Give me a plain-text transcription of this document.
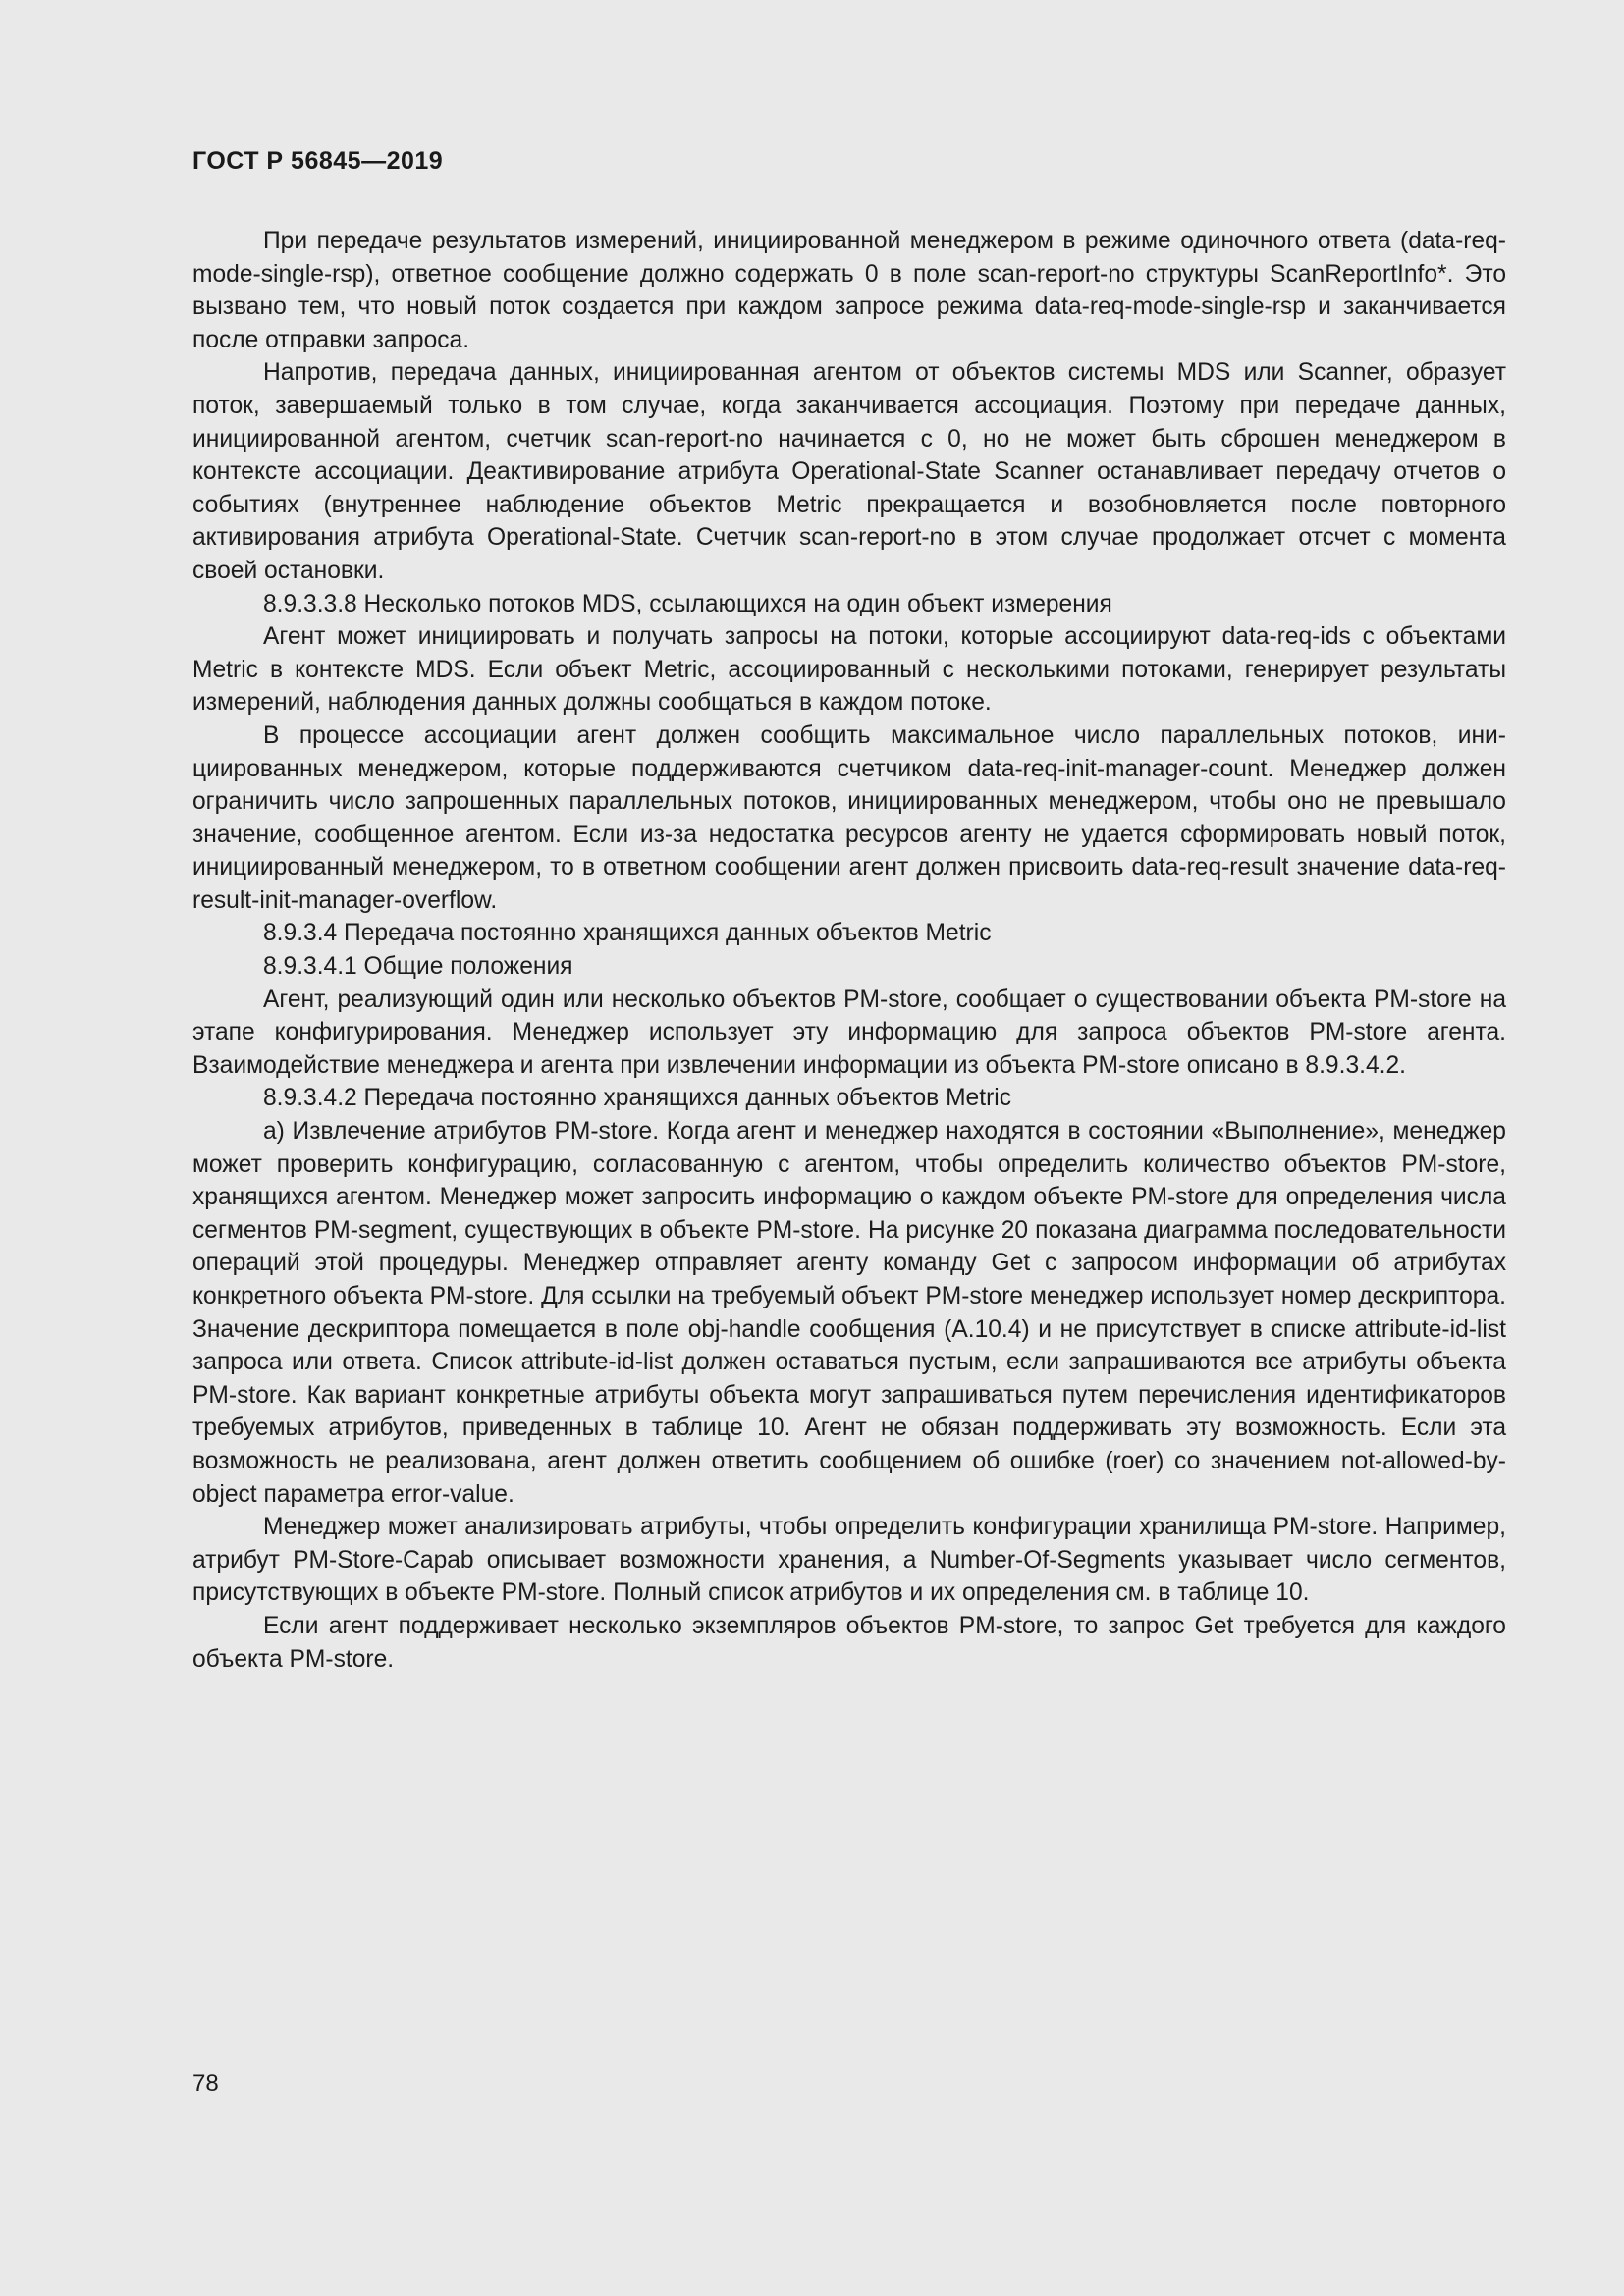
ГОСТ Р 56845—2019

При передаче результатов измерений, инициированной менеджером в режиме одиночного ответа (data-req-mode-single-rsp), ответное сообщение должно содержать 0 в поле scan-report-no структуры ScanReportInfo*. Это вызвано тем, что новый поток создается при каждом запросе режима data-req-mode-single-rsp и заканчивается после отправки запроса.

Напротив, передача данных, инициированная агентом от объектов системы MDS или Scanner, образует поток, завершаемый только в том случае, когда заканчивается ассоциация. Поэтому при передаче данных, инициированной агентом, счетчик scan-report-no начинается с 0, но не может быть сброшен менеджером в контексте ассоциации. Деактивирование атрибута Operational-State Scanner останавливает передачу отчетов о событиях (внутреннее наблюдение объектов Metric прекращается и возобновляется после повторного активирования атрибута Operational-State. Счетчик scan-report-no в этом случае продолжает отсчет с момента своей остановки.

8.9.3.3.8 Несколько потоков MDS, ссылающихся на один объект измерения

Агент может инициировать и получать запросы на потоки, которые ассоциируют data-req-ids с объектами Metric в контексте MDS. Если объект Metric, ассоциированный с несколькими потоками, генерирует результаты измерений, наблюдения данных должны сообщаться в каждом потоке.

В процессе ассоциации агент должен сообщить максимальное число параллельных потоков, инициированных менеджером, которые поддерживаются счетчиком data-req-init-manager-count. Менеджер должен ограничить число запрошенных параллельных потоков, инициированных менеджером, чтобы оно не превышало значение, сообщенное агентом. Если из-за недостатка ресурсов агенту не удается сформировать новый поток, инициированный менеджером, то в ответном сообщении агент должен присвоить data-req-result значение data-req-result-init-manager-overflow.

8.9.3.4 Передача постоянно хранящихся данных объектов Metric

8.9.3.4.1 Общие положения

Агент, реализующий один или несколько объектов PM-store, сообщает о существовании объекта PM-store на этапе конфигурирования. Менеджер использует эту информацию для запроса объектов PM-store агента. Взаимодействие менеджера и агента при извлечении информации из объекта PM-store описано в 8.9.3.4.2.

8.9.3.4.2 Передача постоянно хранящихся данных объектов Metric

a) Извлечение атрибутов PM-store. Когда агент и менеджер находятся в состоянии «Выполнение», менеджер может проверить конфигурацию, согласованную с агентом, чтобы определить количество объектов PM-store, хранящихся агентом. Менеджер может запросить информацию о каждом объекте PM-store для определения числа сегментов PM-segment, существующих в объекте PM-store. На рисунке 20 показана диаграмма последовательности операций этой процедуры. Менеджер отправляет агенту команду Get с запросом информации об атрибутах конкретного объекта PM-store. Для ссылки на требуемый объект PM-store менеджер использует номер дескриптора. Значение дескриптора помещается в поле obj-handle сообщения (A.10.4) и не присутствует в списке attribute-id-list запроса или ответа. Список attribute-id-list должен оставаться пустым, если запрашиваются все атрибуты объекта PM-store. Как вариант конкретные атрибуты объекта могут запрашиваться путем перечисления идентификаторов требуемых атрибутов, приведенных в таблице 10. Агент не обязан поддерживать эту возможность. Если эта возможность не реализована, агент должен ответить сообщением об ошибке (roer) со значением not-allowed-by-object параметра error-value.

Менеджер может анализировать атрибуты, чтобы определить конфигурации хранилища PM-store. Например, атрибут PM-Store-Capab описывает возможности хранения, а Number-Of-Segments указывает число сегментов, присутствующих в объекте PM-store. Полный список атрибутов и их определения см. в таблице 10.

Если агент поддерживает несколько экземпляров объектов PM-store, то запрос Get требуется для каждого объекта PM-store.

78
